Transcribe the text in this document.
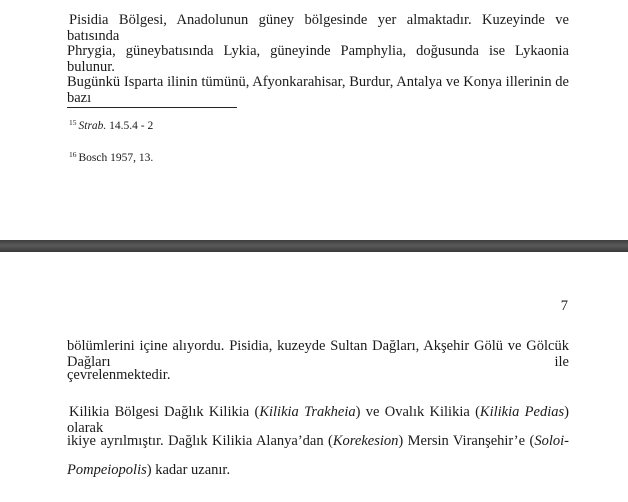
Pisidia Bölgesi, Anadolunun güney bölgesinde yer almaktadır. Kuzeyinde ve batısında
Phrygia, güneybatısında Lykia, güneyinde Pamphylia, doğusunda ise Lykaonia bulunur.
Bugünkü Isparta ilinin tümünü, Afyonkarahisar, Burdur, Antalya ve Konya illerinin de bazı
$^{15}$ Strab. 14.5.4 - 2
$^{16}$ Bosch 1957, 13.
7
bölümlerini içine alıyordu. Pisidia, kuzeyde Sultan Dağları, Akşehir Gölü ve Gölcük Dağları ile
çevrelenmektedir.
Kilikia Bölgesi Dağlık Kilikia (Kilikia Trakheia) ve Ovalık Kilikia (Kilikia Pedias) olarak
ikiye ayrılmıştır. Dağlık Kilikia Alanya’dan (Korekesion) Mersin Viranşehir’e (Soloi-
Pompeiopolis) kadar uzanır.
